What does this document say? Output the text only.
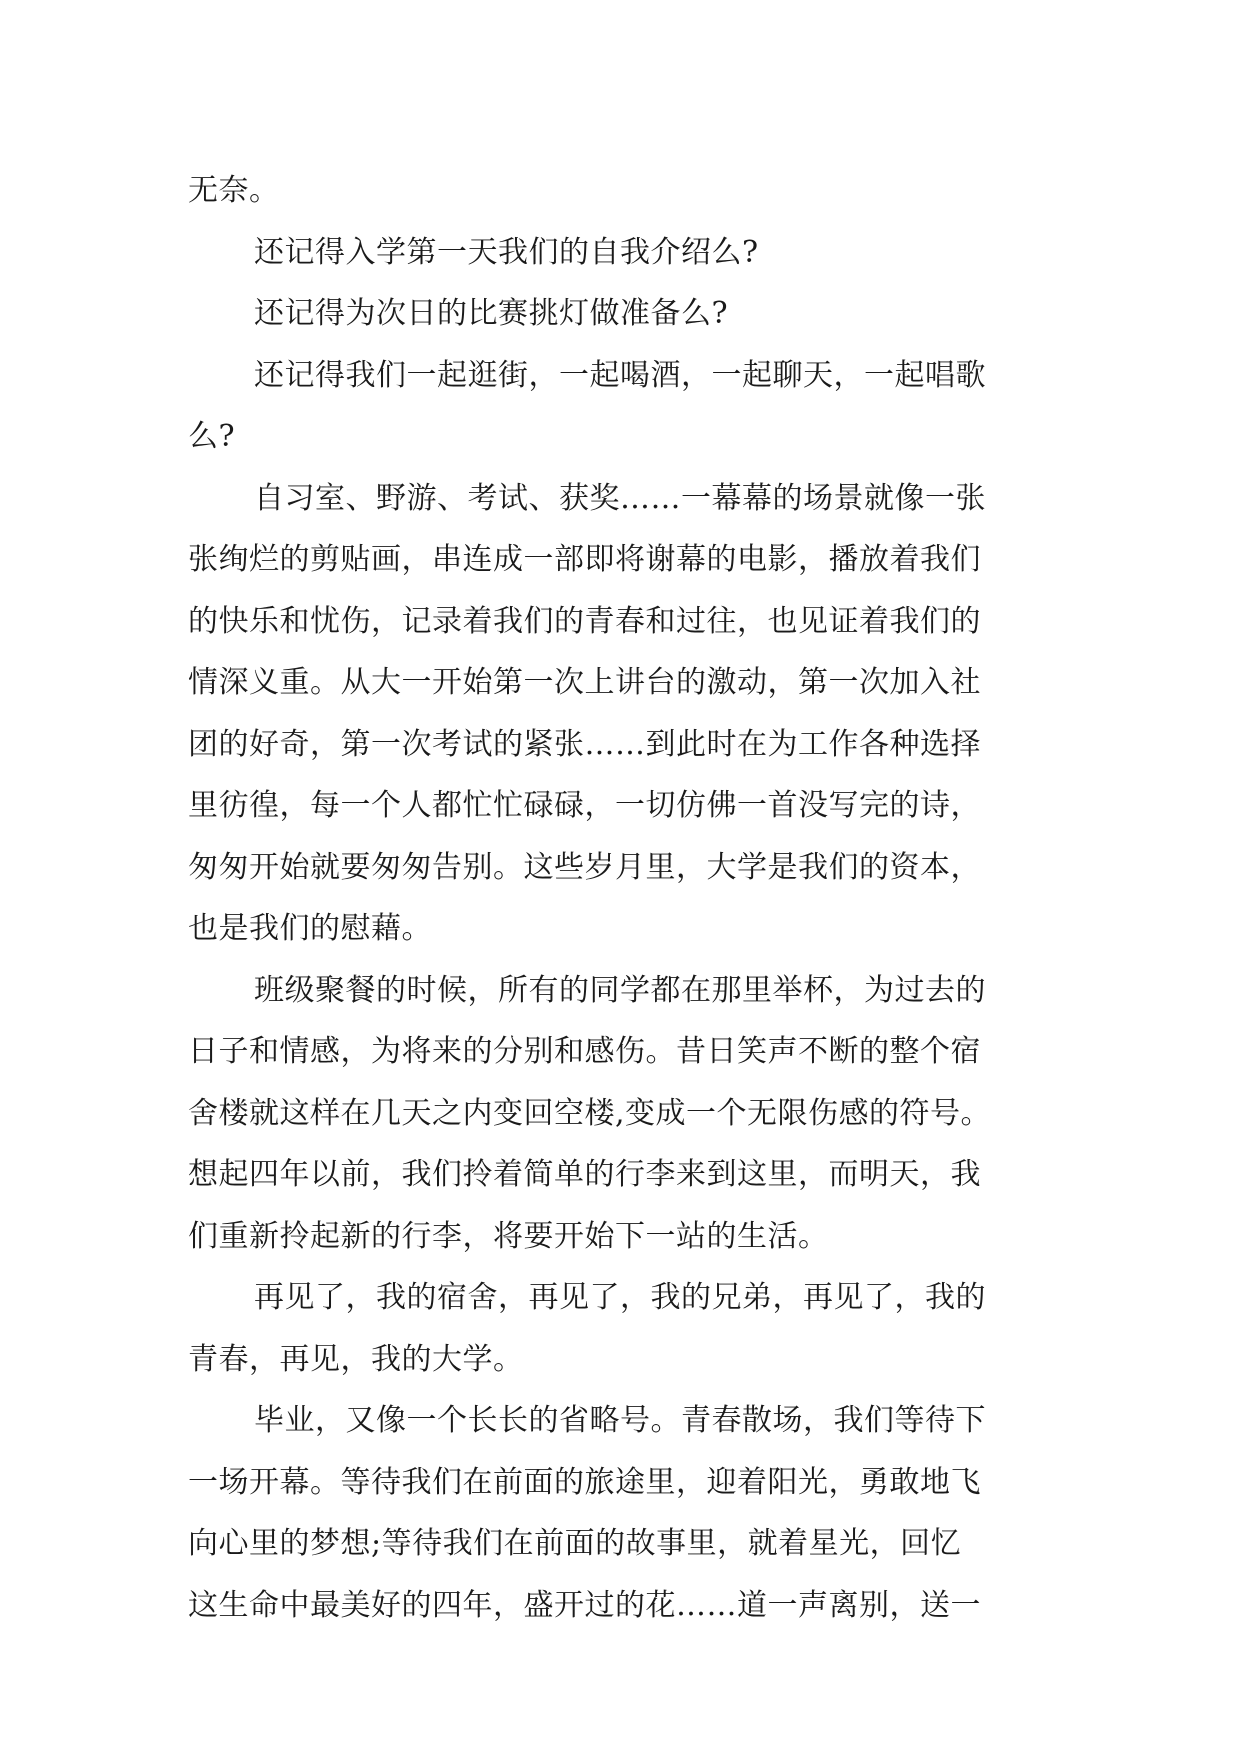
无奈。
还记得入学第一天我们的自我介绍么?
还记得为次日的比赛挑灯做准备么?
还记得我们一起逛街，一起喝酒，一起聊天，一起唱歌
么?
自习室、野游、考试、获奖……一幕幕的场景就像一张
张绚烂的剪贴画，串连成一部即将谢幕的电影，播放着我们
的快乐和忧伤，记录着我们的青春和过往，也见证着我们的
情深义重。从大一开始第一次上讲台的激动，第一次加入社
团的好奇，第一次考试的紧张……到此时在为工作各种选择
里彷徨，每一个人都忙忙碌碌，一切仿佛一首没写完的诗，
匆匆开始就要匆匆告别。这些岁月里，大学是我们的资本，
也是我们的慰藉。
班级聚餐的时候，所有的同学都在那里举杯，为过去的
日子和情感，为将来的分别和感伤。昔日笑声不断的整个宿
舍楼就这样在几天之内变回空楼,变成一个无限伤感的符号。
想起四年以前，我们拎着简单的行李来到这里，而明天，我
们重新拎起新的行李，将要开始下一站的生活。
再见了，我的宿舍，再见了，我的兄弟，再见了，我的
青春，再见，我的大学。
毕业，又像一个长长的省略号。青春散场，我们等待下
一场开幕。等待我们在前面的旅途里，迎着阳光，勇敢地飞
向心里的梦想;等待我们在前面的故事里，就着星光，回忆
这生命中最美好的四年，盛开过的花……道一声离别，送一
